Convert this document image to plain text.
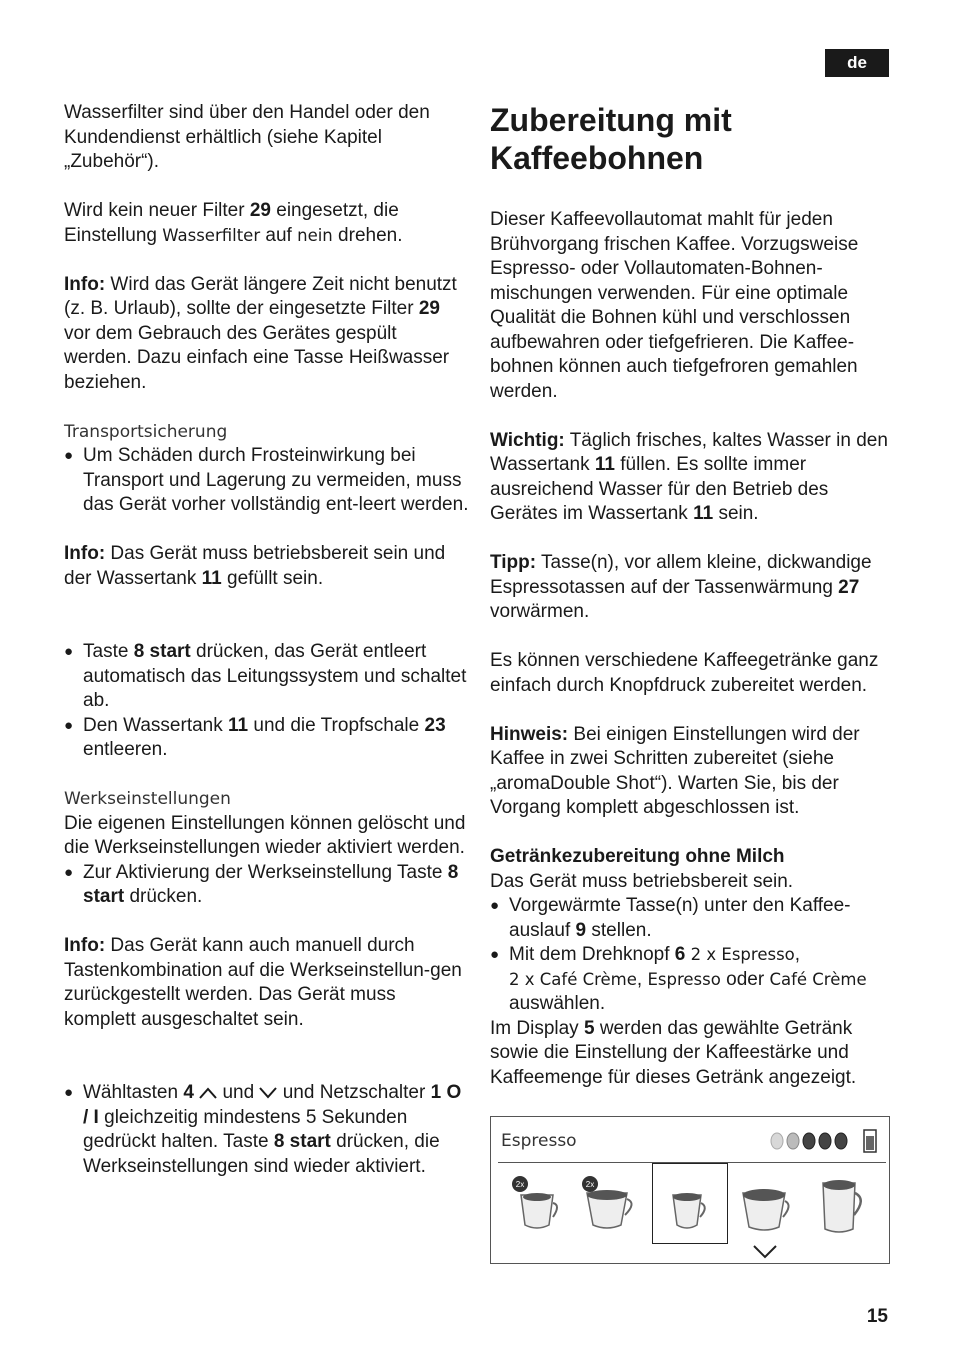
de

Wasserfilter sind über den Handel oder den Kundendienst erhältlich (siehe Kapitel „Zubehör“).

Wird kein neuer Filter 29 eingesetzt, die Einstellung Wasserfilter auf nein drehen.

Info: Wird das Gerät längere Zeit nicht benutzt (z. B. Urlaub), sollte der eingesetzte Filter 29 vor dem Gebrauch des Gerätes gespült werden. Dazu einfach eine Tasse Heißwasser beziehen.

Transportsicherung

● Um Schäden durch Frosteinwirkung bei Transport und Lagerung zu vermeiden, muss das Gerät vorher vollständig ent-leert werden.

Info: Das Gerät muss betriebsbereit sein und der Wassertank 11 gefüllt sein.

● Taste 8 start drücken, das Gerät entleert automatisch das Leitungssystem und schaltet ab.

● Den Wassertank 11 und die Tropfschale 23 entleeren.

Werkseinstellungen

Die eigenen Einstellungen können gelöscht und die Werkseinstellungen wieder aktiviert werden.

● Zur Aktivierung der Werkseinstellung Taste 8 start drücken.

Info: Das Gerät kann auch manuell durch Tastenkombination auf die Werkseinstellun-gen zurückgestellt werden. Das Gerät muss komplett ausgeschaltet sein.

● Wähltasten 4  und  und Netzschalter 1 O / I gleichzeitig mindestens 5 Sekunden gedrückt halten. Taste 8 start drücken, die Werkseinstellungen sind wieder aktiviert.

Zubereitung mit Kaffeebohnen

Dieser Kaffeevollautomat mahlt für jeden Brühvorgang frischen Kaffee. Vorzugsweise Espresso- oder Vollautomaten-Bohnen-mischungen verwenden. Für eine optimale Qualität die Bohnen kühl und verschlossen aufbewahren oder tiefgefrieren. Die Kaffee-bohnen können auch tiefgefroren gemahlen werden.

Wichtig: Täglich frisches, kaltes Wasser in den Wassertank 11 füllen. Es sollte immer ausreichend Wasser für den Betrieb des Gerätes im Wassertank 11 sein.

Tipp: Tasse(n), vor allem kleine, dickwandige Espressotassen auf der Tassenwärmung 27 vorwärmen.

Es können verschiedene Kaffeegetränke ganz einfach durch Knopfdruck zubereitet werden.

Hinweis: Bei einigen Einstellungen wird der Kaffee in zwei Schritten zubereitet (siehe „aromaDouble Shot“). Warten Sie, bis der Vorgang komplett abgeschlossen ist.

Getränkezubereitung ohne Milch

Das Gerät muss betriebsbereit sein.

● Vorgewärmte Tasse(n) unter den Kaffee-auslauf 9 stellen.

● Mit dem Drehknopf 6 2 x Espresso,
2 x Café Crème, Espresso oder Café Crème
auswählen.

Im Display 5 werden das gewählte Getränk sowie die Einstellung der Kaffeestärke und Kaffeemenge für dieses Getränk angezeigt.

Espresso
2x	2x
15
